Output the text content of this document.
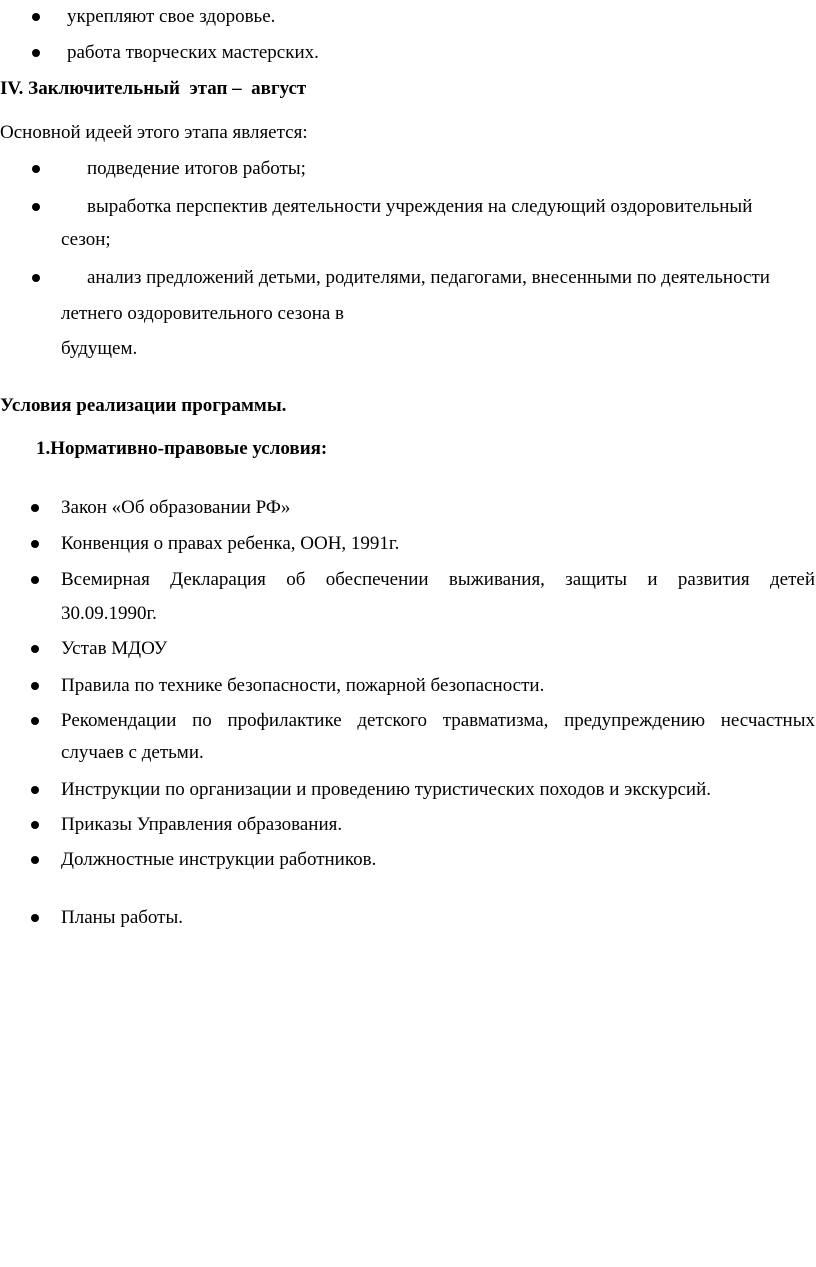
укрепляют свое здоровье.
работа творческих мастерских.
IV. Заключительный  этап –  август
Основной идеей этого этапа является:
подведение итогов работы;
выработка перспектив деятельности учреждения на следующий оздоровительный
сезон;
анализ предложений детьми, родителями, педагогами, внесенными по деятельности
летнего оздоровительного сезона в
будущем.
Условия реализации программы.
1.Нормативно-правовые условия:
Закон «Об образовании РФ»
Конвенция о правах ребенка, ООН, 1991г.
Всемирная Декларация об обеспечении выживания, защиты и развития детей
30.09.1990г.
Устав МДОУ
Правила по технике безопасности, пожарной безопасности.
Рекомендации по профилактике детского травматизма, предупреждению несчастных
случаев с детьми.
Инструкции по организации и проведению туристических походов и экскурсий.
Приказы Управления образования.
Должностные инструкции работников.
Планы работы.
